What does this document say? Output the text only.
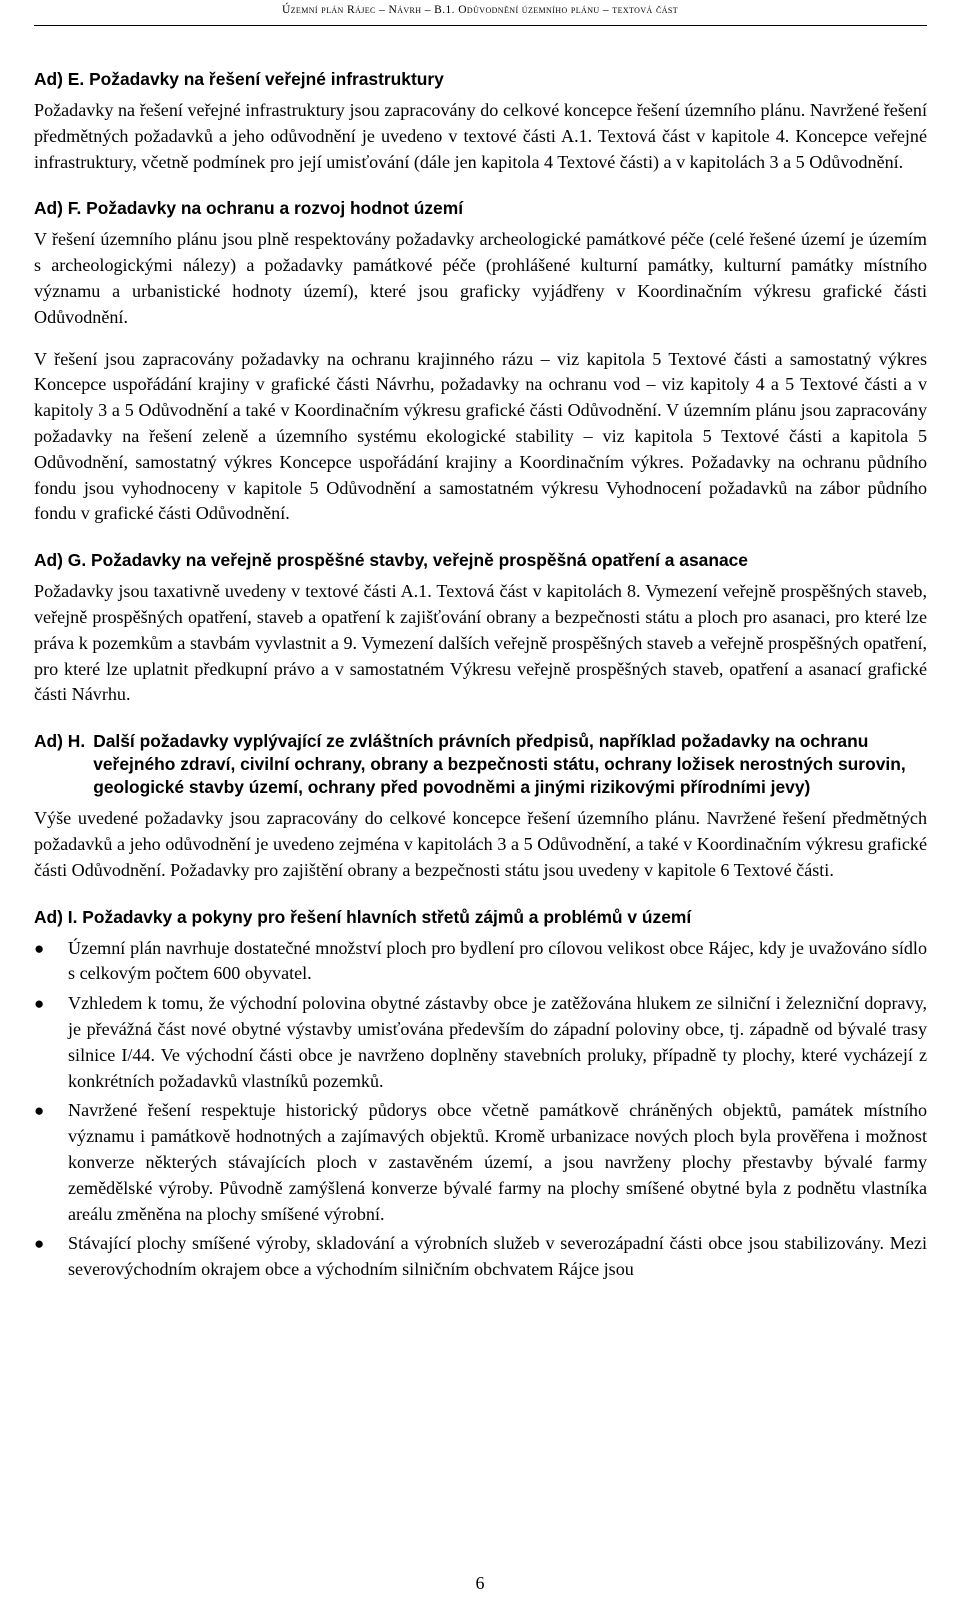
Územní plán Rájec – Návrh – B.1. Odůvodnění územního plánu – textová část
Ad) E. Požadavky na řešení veřejné infrastruktury

Požadavky na řešení veřejné infrastruktury jsou zapracovány do celkové koncepce řešení územního plánu. Navržené řešení předmětných požadavků a jeho odůvodnění je uvedeno v textové části A.1. Textová část v kapitole 4. Koncepce veřejné infrastruktury, včetně podmínek pro její umisťování (dále jen kapitola 4 Textové části) a v kapitolách 3 a 5 Odůvodnění.

Ad) F. Požadavky na ochranu a rozvoj hodnot území

V řešení územního plánu jsou plně respektovány požadavky archeologické památkové péče (celé řešené území je územím s archeologickými nálezy) a požadavky památkové péče (prohlášené kulturní památky, kulturní památky místního významu a urbanistické hodnoty území), které jsou graficky vyjádřeny v Koordinačním výkresu grafické části Odůvodnění.

V řešení jsou zapracovány požadavky na ochranu krajinného rázu – viz kapitola 5 Textové části a samostatný výkres Koncepce uspořádání krajiny v grafické části Návrhu, požadavky na ochranu vod – viz kapitoly 4 a 5 Textové části a v kapitoly 3 a 5 Odůvodnění a také v Koordinačním výkresu grafické části Odůvodnění. V územním plánu jsou zapracovány požadavky na řešení zeleně a územního systému ekologické stability – viz kapitola 5 Textové části a kapitola 5 Odůvodnění, samostatný výkres Koncepce uspořádání krajiny a Koordinačním výkres. Požadavky na ochranu půdního fondu jsou vyhodnoceny v kapitole 5 Odůvodnění a samostatném výkresu Vyhodnocení požadavků na zábor půdního fondu v grafické části Odůvodnění.

Ad) G. Požadavky na veřejně prospěšné stavby, veřejně prospěšná opatření a asanace

Požadavky jsou taxativně uvedeny v textové části A.1. Textová část v kapitolách 8. Vymezení veřejně prospěšných staveb, veřejně prospěšných opatření, staveb a opatření k zajišťování obrany a bezpečnosti státu a ploch pro asanaci, pro které lze práva k pozemkům a stavbám vyvlastnit a 9. Vymezení dalších veřejně prospěšných staveb a veřejně prospěšných opatření, pro které lze uplatnit předkupní právo a v samostatném Výkresu veřejně prospěšných staveb, opatření a asanací grafické části Návrhu.

Ad) H. Další požadavky vyplývající ze zvláštních právních předpisů, například požadavky na ochranu veřejného zdraví, civilní ochrany, obrany a bezpečnosti státu, ochrany ložisek nerostných surovin, geologické stavby území, ochrany před povodněmi a jinými rizikovými přírodními jevy)

Výše uvedené požadavky jsou zapracovány do celkové koncepce řešení územního plánu. Navržené řešení předmětných požadavků a jeho odůvodnění je uvedeno zejména v kapitolách 3 a 5 Odůvodnění, a také v Koordinačním výkresu grafické části Odůvodnění. Požadavky pro zajištění obrany a bezpečnosti státu jsou uvedeny v kapitole 6 Textové části.

Ad) I. Požadavky a pokyny pro řešení hlavních střetů zájmů a problémů v území
● Územní plán navrhuje dostatečné množství ploch pro bydlení pro cílovou velikost obce Rájec, kdy je uvažováno sídlo s celkovým počtem 600 obyvatel.
● Vzhledem k tomu, že východní polovina obytné zástavby obce je zatěžována hlukem ze silniční i železniční dopravy, je převážná část nové obytné výstavby umisťována především do západní poloviny obce, tj. západně od bývalé trasy silnice I/44. Ve východní části obce je navrženo doplněny stavebních proluky, případně ty plochy, které vycházejí z konkrétních požadavků vlastníků pozemků.
● Navržené řešení respektuje historický půdorys obce včetně památkově chráněných objektů, památek místního významu i památkově hodnotných a zajímavých objektů. Kromě urbanizace nových ploch byla prověřena i možnost konverze některých stávajících ploch v zastavěném území, a jsou navrženy plochy přestavby bývalé farmy zemědělské výroby. Původně zamýšlená konverze bývalé farmy na plochy smíšené obytné byla z podnětu vlastníka areálu změněna na plochy smíšené výrobní.
● Stávající plochy smíšené výroby, skladování a výrobních služeb v severozápadní části obce jsou stabilizovány. Mezi severovýchodním okrajem obce a východním silničním obchvatem Rájce jsou
6
